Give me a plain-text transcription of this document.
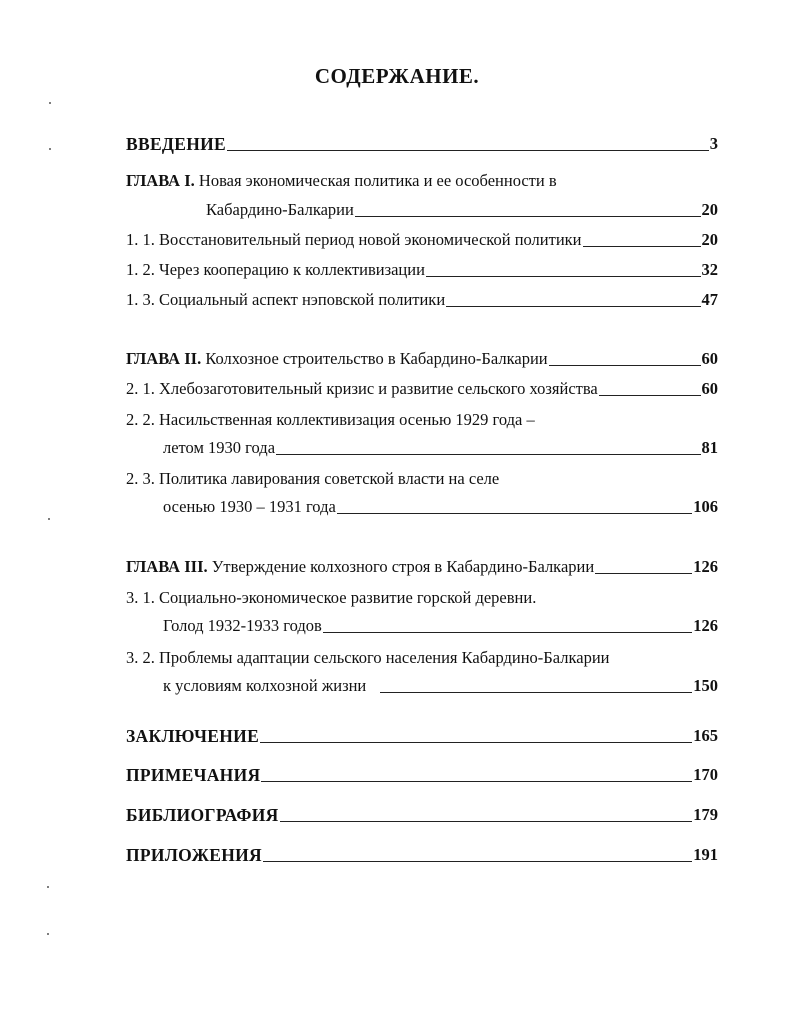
СОДЕРЖАНИЕ.
ВВЕДЕНИЕ	3
ГЛАВА I. Новая экономическая политика и ее особенности в
Кабардино-Балкарии	20
1. 1. Восстановительный период новой экономической политики	20
1. 2. Через кооперацию к коллективизации	32
1. 3. Социальный аспект нэповской политики	47
ГЛАВА II. Колхозное строительство в Кабардино-Балкарии	60
2. 1. Хлебозаготовительный кризис и развитие сельского хозяйства	60
2. 2. Насильственная коллективизация осенью 1929 года –
летом 1930 года	81
2. 3. Политика лавирования советской власти на селе
осенью 1930 – 1931 года	106
ГЛАВА III. Утверждение колхозного строя в Кабардино-Балкарии	126
3. 1. Социально-экономическое развитие горской деревни.
Голод 1932-1933 годов	126
3. 2. Проблемы адаптации сельского населения Кабардино-Балкарии
к условиям колхозной жизни	150
ЗАКЛЮЧЕНИЕ	165
ПРИМЕЧАНИЯ	170
БИБЛИОГРАФИЯ	179
ПРИЛОЖЕНИЯ	191
